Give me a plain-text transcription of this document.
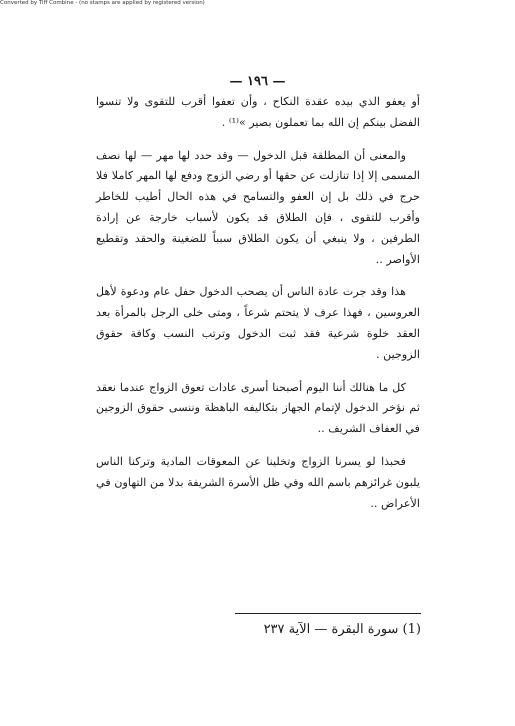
Converted by Tiff Combine - (no stamps are applied by registered version)
— ١٩٦ —

أو يعفو الذي بيده عقدة النكاح ، وأن تعفوا أقرب للتقوى ولا تنسوا الفضل بينكم إن الله بما تعملون بصير »⁽¹⁾ .

والمعنى أن المطلقة قبل الدخول — وقد حدد لها مهر — لها نصف المسمى إلا إذا تنازلت عن حقها أو رضي الزوج ودفع لها المهر كاملا فلا حرج في ذلك بل إن العفو والتسامح في هذه الحال أطيب للخاطر وأقرب للتقوى ، فإن الطلاق قد يكون لأسباب خارجة عن إرادة الطرفين ، ولا ينبغي أن يكون الطلاق سبباً للضغينة والحقد وتقطيع الأواصر ..

هذا وقد جرت عادة الناس أن يصحب الدخول حفل عام ودعوة لأهل العروسين ، فهذا عرف لا يتحتم شرعاً ، ومتى خلى الرجل بالمرأة بعد العقد خلوة شرعية فقد ثبت الدخول وترتب النسب وكافة حقوق الزوجين .

كل ما هنالك أننا اليوم أصبحنا أسرى عادات تعوق الزواج عندما نعقد ثم نؤخر الدخول لإتمام الجهاز بتكاليفه الباهظة وننسى حقوق الزوجين في العفاف الشريف ..

فحبذا لو يسرنا الزواج وتخلينا عن المعوقات المادية وتركنا الناس يلبون غرائزهم باسم الله وفي ظل الأسرة الشريفة بدلا من التهاون في الأعراض ..

(1) سورة البقرة — الآية ٢٣٧
